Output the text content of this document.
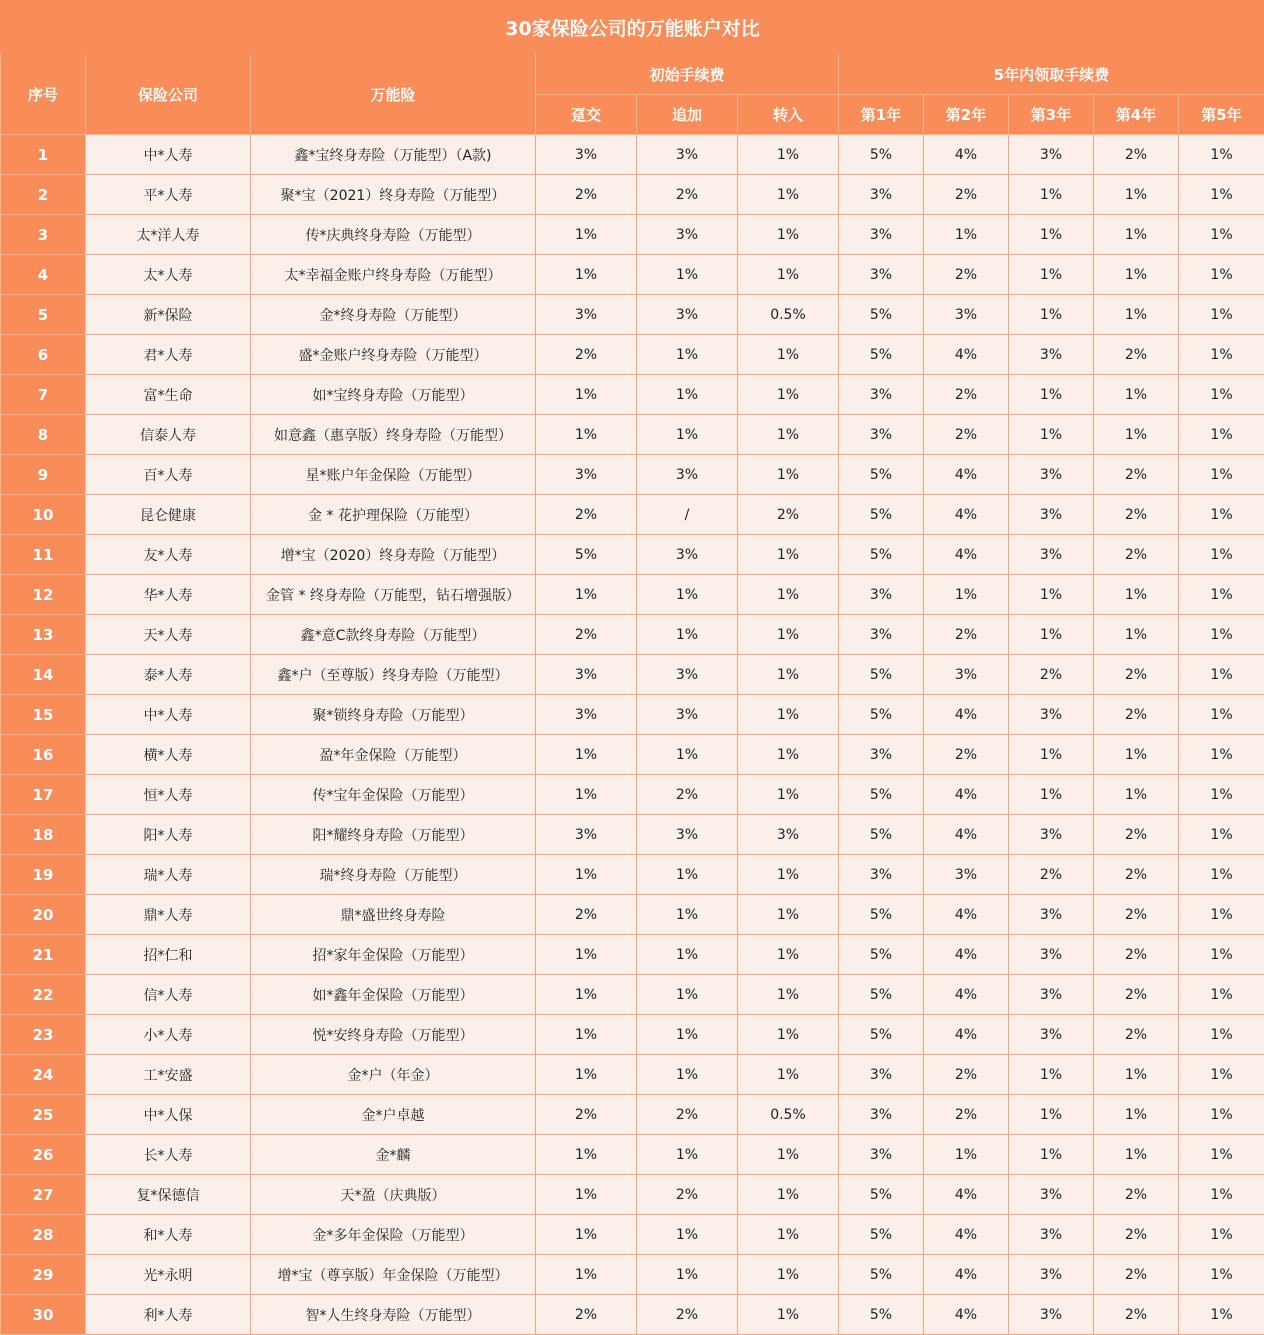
30家保险公司的万能账户对比										
序号	保险公司	万能险	初始手续费			5年内领取手续费				
			趸交	追加	转入	第1年	第2年	第3年	第4年	第5年
1	中*人寿	鑫*宝终身寿险（万能型）（A款)	3%	3%	1%	5%	4%	3%	2%	1%
2	平*人寿	聚*宝（2021）终身寿险（万能型）	2%	2%	1%	3%	2%	1%	1%	1%
3	太*洋人寿	传*庆典终身寿险（万能型）	1%	3%	1%	3%	1%	1%	1%	1%
4	太*人寿	太*幸福金账户终身寿险（万能型）	1%	1%	1%	3%	2%	1%	1%	1%
5	新*保险	金*终身寿险（万能型）	3%	3%	0.5%	5%	3%	1%	1%	1%
6	君*人寿	盛*金账户终身寿险（万能型）	2%	1%	1%	5%	4%	3%	2%	1%
7	富*生命	如*宝终身寿险（万能型）	1%	1%	1%	3%	2%	1%	1%	1%
8	信泰人寿	如意鑫（惠享版）终身寿险（万能型）	1%	1%	1%	3%	2%	1%	1%	1%
9	百*人寿	星*账户年金保险（万能型）	3%	3%	1%	5%	4%	3%	2%	1%
10	昆仑健康	金 * 花护理保险（万能型）	2%	/	2%	5%	4%	3%	2%	1%
11	友*人寿	增*宝（2020）终身寿险（万能型）	5%	3%	1%	5%	4%	3%	2%	1%
12	华*人寿	金管 * 终身寿险（万能型，钻石增强版）	1%	1%	1%	3%	1%	1%	1%	1%
13	天*人寿	鑫*意C款终身寿险（万能型）	2%	1%	1%	3%	2%	1%	1%	1%
14	泰*人寿	鑫*户（至尊版）终身寿险（万能型）	3%	3%	1%	5%	3%	2%	2%	1%
15	中*人寿	聚*锁终身寿险（万能型）	3%	3%	1%	5%	4%	3%	2%	1%
16	横*人寿	盈*年金保险（万能型）	1%	1%	1%	3%	2%	1%	1%	1%
17	恒*人寿	传*宝年金保险（万能型）	1%	2%	1%	5%	4%	1%	1%	1%
18	阳*人寿	阳*耀终身寿险（万能型）	3%	3%	3%	5%	4%	3%	2%	1%
19	瑞*人寿	瑞*终身寿险（万能型）	1%	1%	1%	3%	3%	2%	2%	1%
20	鼎*人寿	鼎*盛世终身寿险	2%	1%	1%	5%	4%	3%	2%	1%
21	招*仁和	招*家年金保险（万能型）	1%	1%	1%	5%	4%	3%	2%	1%
22	信*人寿	如*鑫年金保险（万能型）	1%	1%	1%	5%	4%	3%	2%	1%
23	小*人寿	悦*安终身寿险（万能型）	1%	1%	1%	5%	4%	3%	2%	1%
24	工*安盛	金*户（年金）	1%	1%	1%	3%	2%	1%	1%	1%
25	中*人保	金*户卓越	2%	2%	0.5%	3%	2%	1%	1%	1%
26	长*人寿	金*麟	1%	1%	1%	3%	1%	1%	1%	1%
27	复*保德信	天*盈（庆典版）	1%	2%	1%	5%	4%	3%	2%	1%
28	和*人寿	金*多年金保险（万能型）	1%	1%	1%	5%	4%	3%	2%	1%
29	光*永明	增*宝（尊享版）年金保险（万能型）	1%	1%	1%	5%	4%	3%	2%	1%
30	利*人寿	智*人生终身寿险（万能型）	2%	2%	1%	5%	4%	3%	2%	1%
